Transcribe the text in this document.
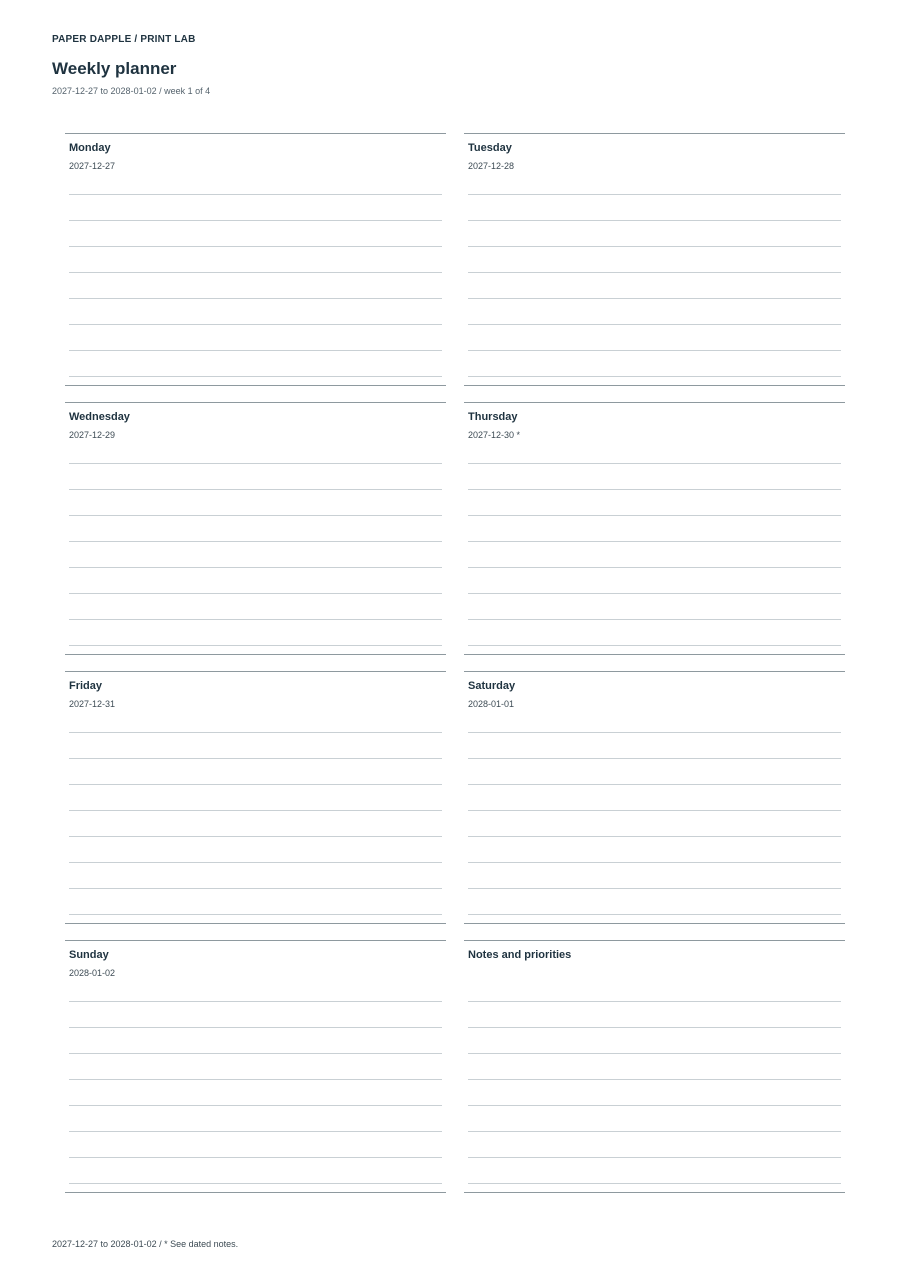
PAPER DAPPLE / PRINT LAB
Weekly planner
2027-12-27 to 2028-01-02 / week 1 of 4
Monday
2027-12-27
Tuesday
2027-12-28
Wednesday
2027-12-29
Thursday
2027-12-30 *
Friday
2027-12-31
Saturday
2028-01-01
Sunday
2028-01-02
Notes and priorities
2027-12-27 to 2028-01-02 / * See dated notes.
